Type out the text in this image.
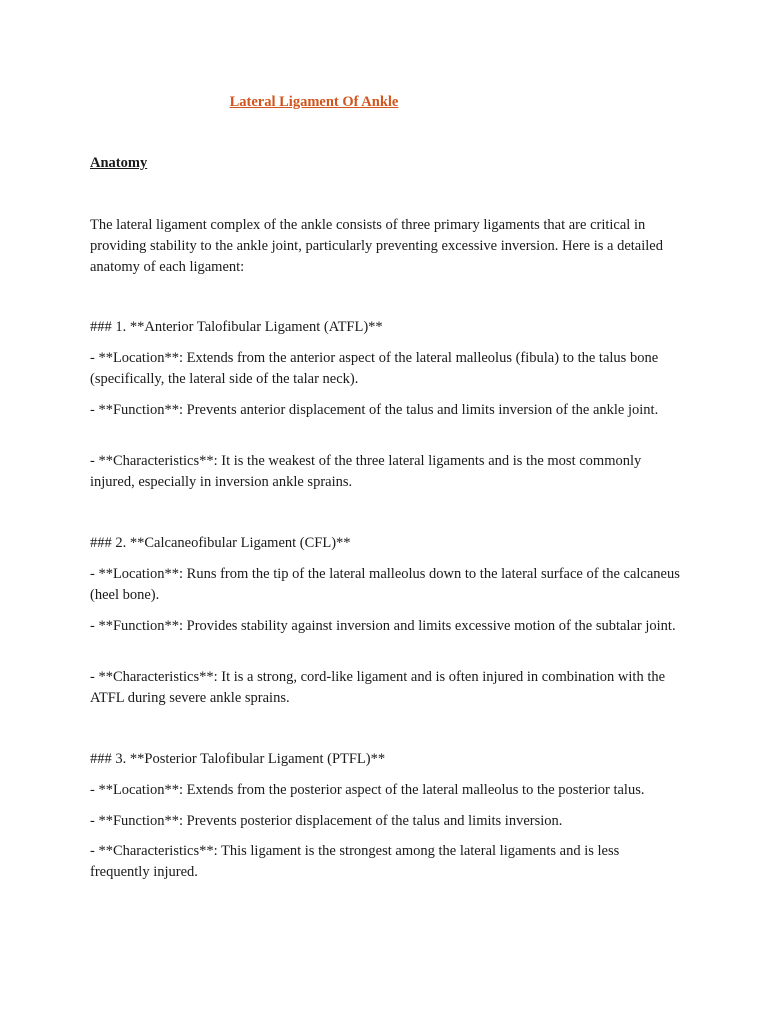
Lateral Ligament Of Ankle
Anatomy

The lateral ligament complex of the ankle consists of three primary ligaments that are critical in providing stability to the ankle joint, particularly preventing excessive inversion. Here is a detailed anatomy of each ligament:

### 1. **Anterior Talofibular Ligament (ATFL)**

- **Location**: Extends from the anterior aspect of the lateral malleolus (fibula) to the talus bone (specifically, the lateral side of the talar neck).

- **Function**: Prevents anterior displacement of the talus and limits inversion of the ankle joint.

- **Characteristics**: It is the weakest of the three lateral ligaments and is the most commonly injured, especially in inversion ankle sprains.

### 2. **Calcaneofibular Ligament (CFL)**

- **Location**: Runs from the tip of the lateral malleolus down to the lateral surface of the calcaneus (heel bone).

- **Function**: Provides stability against inversion and limits excessive motion of the subtalar joint.

- **Characteristics**: It is a strong, cord-like ligament and is often injured in combination with the ATFL during severe ankle sprains.

### 3. **Posterior Talofibular Ligament (PTFL)**

- **Location**: Extends from the posterior aspect of the lateral malleolus to the posterior talus.

- **Function**: Prevents posterior displacement of the talus and limits inversion.

- **Characteristics**: This ligament is the strongest among the lateral ligaments and is less frequently injured.
